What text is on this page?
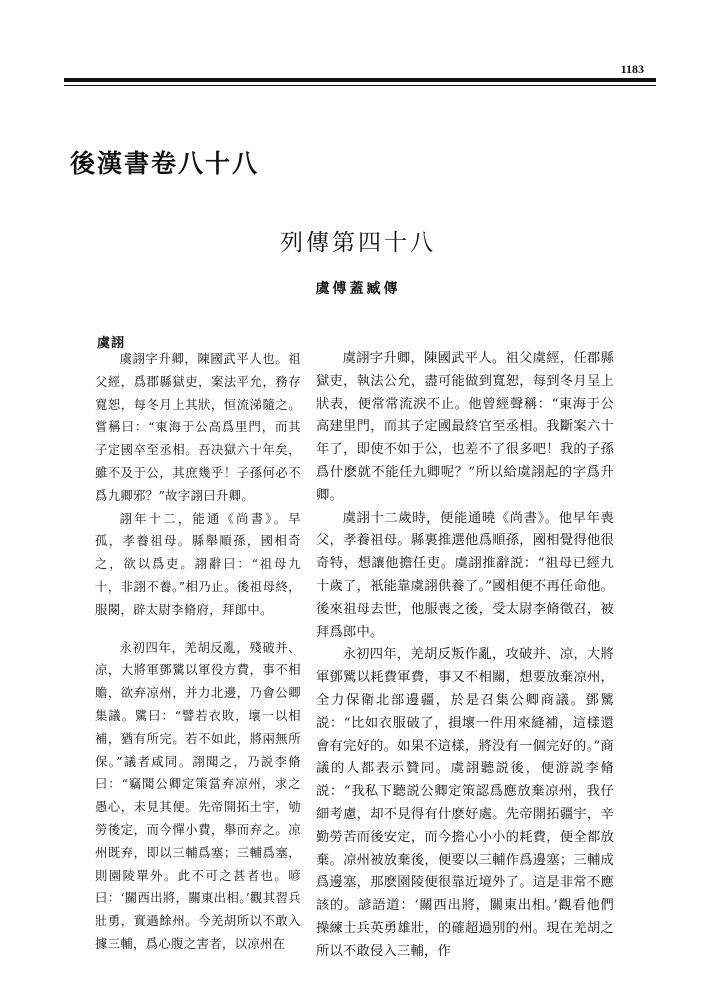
1183
後漢書卷八十八
列傳第四十八
虞傅蓋臧傳
虞詡

虞詡字升卿，陳國武平人也。祖父經，爲郡縣獄吏，案法平允，務存寬恕，每冬月上其狀，恒流涕隨之。嘗稱曰：“東海于公高爲里門，而其子定國卒至丞相。吾决獄六十年矣，雖不及于公，其庶幾乎！子孫何必不爲九卿邪？”故字詡曰升卿。

詡年十二，能通《尚書》。早孤，孝養祖母。縣舉順孫，國相奇之，欲以爲吏。詡辭曰：“祖母九十，非詡不養。”相乃止。後祖母終，服闋，辟太尉李脩府，拜郎中。

永初四年，羌胡反亂，殘破并、凉，大將軍鄧騭以軍役方費，事不相贍，欲弃凉州，并力北邊，乃會公卿集議。騭曰：“譬若衣敗，壞一以相補，猶有所完。若不如此，將兩無所保。”議者咸同。詡聞之，乃説李脩曰：“竊聞公卿定策當弃凉州，求之愚心，未見其便。先帝開拓土宇，劬勞後定，而今憚小費，舉而弃之。凉州既弃，即以三輔爲塞；三輔爲塞，則園陵單外。此不可之甚者也。喭曰：‘關西出將，關東出相。’觀其習兵壯勇，實過餘州。今羌胡所以不敢入據三輔，爲心腹之害者，以凉州在

虞詡字升卿，陳國武平人。祖父虞經，任郡縣獄吏，執法公允，盡可能做到寬恕，每到冬月呈上狀表，便常常流淚不止。他曾經聲稱：“東海于公高建里門，而其子定國最終官至丞相。我斷案六十年了，即使不如于公，也差不了很多吧！我的子孫爲什麽就不能任九卿呢？”所以給虞詡起的字爲升卿。

虞詡十二歲時，便能通曉《尚書》。他早年喪父，孝養祖母。縣裏推選他爲順孫，國相覺得他很奇特，想讓他擔任吏。虞詡推辭説：“祖母已經九十歲了，衹能靠虞詡供養了。”國相便不再任命他。後來祖母去世，他服喪之後，受太尉李脩徵召，被拜爲郎中。

永初四年，羌胡反叛作亂，攻破并、凉，大將軍鄧騭以耗費軍費，事又不相關，想要放棄凉州，全力保衛北部邊疆，於是召集公卿商議。鄧騭説：“比如衣服破了，損壞一件用來縫補，這樣還會有完好的。如果不這樣，將没有一個完好的。”商議的人都表示贊同。虞詡聽説後，便游説李脩説：“我私下聽説公卿定策認爲應放棄凉州，我仔細考慮，却不見得有什麽好處。先帝開拓疆宇，辛勤勞苦而後安定，而今擔心小小的耗費，便全都放棄。凉州被放棄後，便要以三輔作爲邊塞；三輔成爲邊塞，那麽園陵便很靠近境外了。這是非常不應該的。諺語道：‘關西出將，關東出相。’觀看他們操練士兵英勇雄壯，的確超過别的州。現在羌胡之所以不敢侵入三輔，作
